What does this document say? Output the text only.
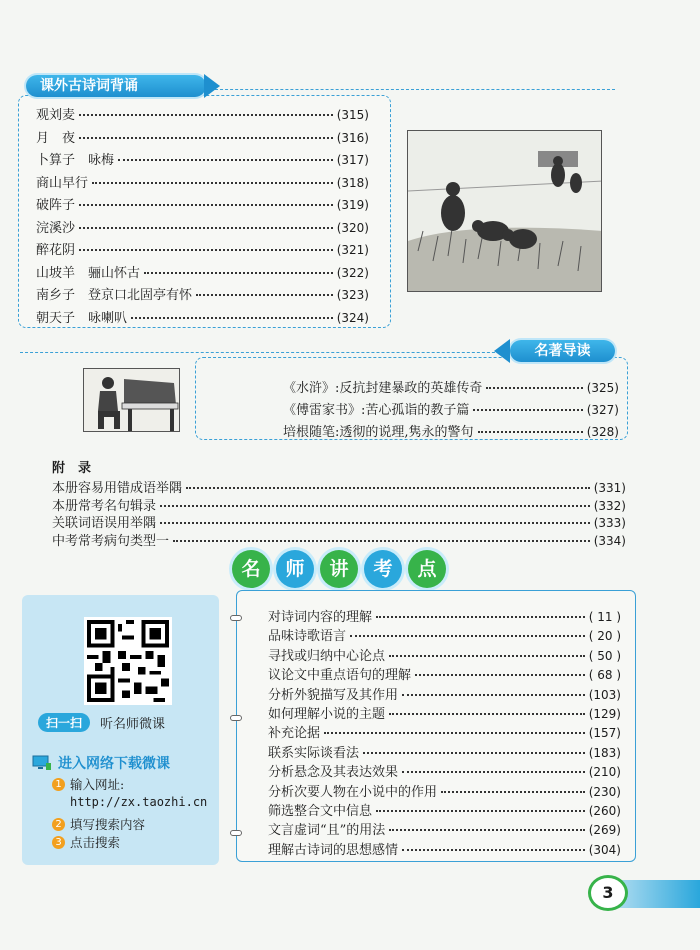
课外古诗词背诵
观刘麦	(315)
月　夜	(316)
卜算子　咏梅	(317)
商山早行	(318)
破阵子	(319)
浣溪沙	(320)
醉花阴	(321)
山坡羊　骊山怀古	(322)
南乡子　登京口北固亭有怀	(323)
朝天子　咏喇叭	(324)
名著导读
《水浒》:反抗封建暴政的英雄传奇	(325)
《傅雷家书》:苦心孤诣的教子篇	(327)
培根随笔:透彻的说理,隽永的警句	(328)
附　录
本册容易用错成语举隅	(331)
本册常考名句辑录	(332)
关联词语误用举隅	(333)
中考常考病句类型一	(334)
名	师	讲	考	点
扫一扫	听名师微课
进入网络下载微课
1 输入网址:
http://zx.taozhi.cn
2 填写搜索内容
3 点击搜索
对诗词内容的理解	( 11 )
品味诗歌语言	( 20 )
寻找或归纳中心论点	( 50 )
议论文中重点语句的理解	( 68 )
分析外貌描写及其作用	(103)
如何理解小说的主题	(129)
补充论据	(157)
联系实际谈看法	(183)
分析悬念及其表达效果	(210)
分析次要人物在小说中的作用	(230)
筛选整合文中信息	(260)
文言虚词“且”的用法	(269)
理解古诗词的思想感情	(304)
3
